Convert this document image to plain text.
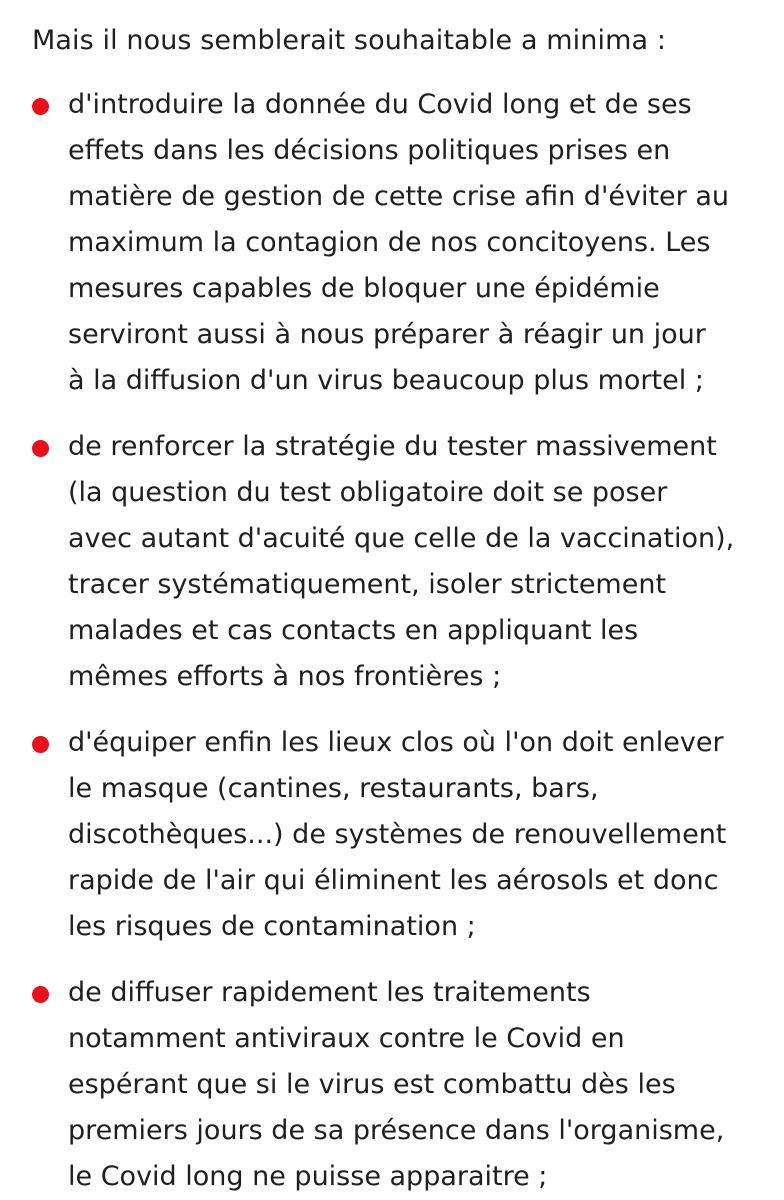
Mais il nous semblerait souhaitable a minima :

d'introduire la donnée du Covid long et de ses
effets dans les décisions politiques prises en
matière de gestion de cette crise afin d'éviter au
maximum la contagion de nos concitoyens. Les
mesures capables de bloquer une épidémie
serviront aussi à nous préparer à réagir un jour
à la diffusion d'un virus beaucoup plus mortel ;
de renforcer la stratégie du tester massivement
(la question du test obligatoire doit se poser
avec autant d'acuité que celle de la vaccination),
tracer systématiquement, isoler strictement
malades et cas contacts en appliquant les
mêmes efforts à nos frontières ;
d'équiper enfin les lieux clos où l'on doit enlever
le masque (cantines, restaurants, bars,
discothèques...) de systèmes de renouvellement
rapide de l'air qui éliminent les aérosols et donc
les risques de contamination ;
de diffuser rapidement les traitements
notamment antiviraux contre le Covid en
espérant que si le virus est combattu dès les
premiers jours de sa présence dans l'organisme,
le Covid long ne puisse apparaitre ;
